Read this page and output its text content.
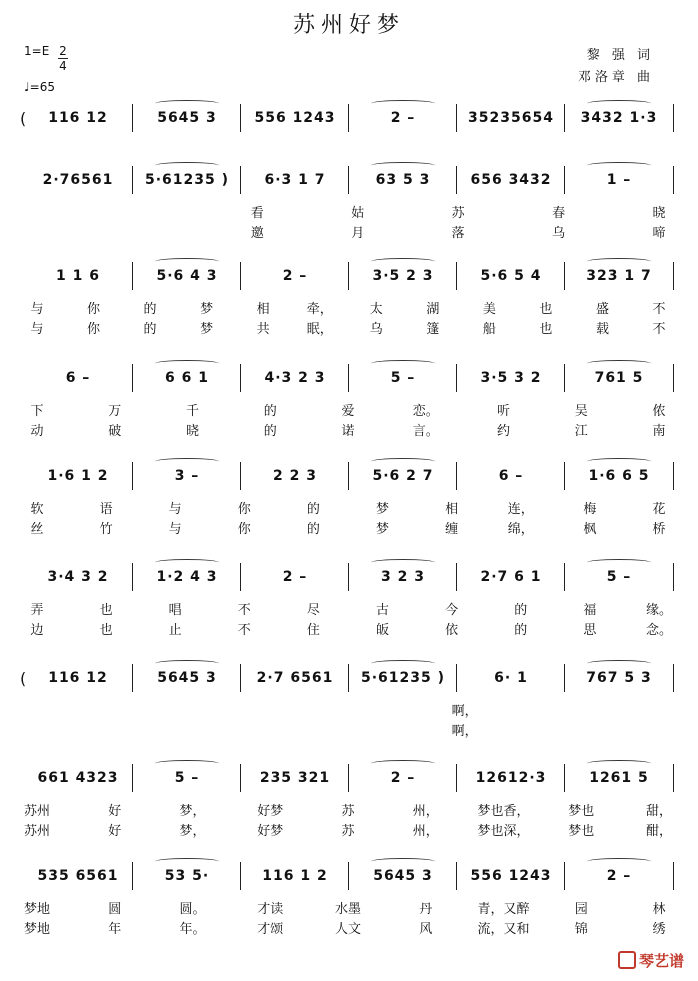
苏州好梦
1=E 2
4
♩=65
黎 强 词
邓洛章 曲
(	116 12	5645 3	556 1243	2 –	35235654	3432 1·3
2·76561	5·61235 )	6·3 1 7	63 5 3	656 3432	1 –
1 1 6	5·6 4 3	2 –	3·5 2 3	5·6 5 4	323 1 7
6 –	6 6 1	4·3 2 3	5 –	3·5 3 2	761 5
1·6 1 2	3 –	2 2 3	5·6 2 7	6 –	1·6 6 5
3·4 3 2	1·2 4 3	2 –	3 2 3	2·7 6 1	5 –
(	116 12	5645 3	2·7 6561	5·61235 )	6· 1	767 5 3
661 4323	5 –	235 321	2 –	12612·3	1261 5
535 6561	53 5·	116 1 2	5645 3	556 1243	2 –
看	姑	苏	春	晓
邀	月	落	乌	啼
与	你	的	梦	相	牵，	太	湖	美	也	盛	不
与	你	的	梦	共	眠，	乌	篷	船	也	载	不
下	万	千	的	爱	恋。	听	吴	侬
动	破	晓	的	诺	言。	约	江	南
软	语	与	你	的	梦	相	连，	梅	花
丝	竹	与	你	的	梦	缠	绵，	枫	桥
弄	也	唱	不	尽	古	今	的	福	缘。
边	也	止	不	住	皈	依	的	思	念。
啊，
啊，
苏州	好	梦，	好梦	苏	州，	梦也香，	梦也	甜，
苏州	好	梦，	好梦	苏	州，	梦也深，	梦也	酣，
梦地	圆	圆。	才读	水墨	丹	青，又醉	园	林
梦地	年	年。	才颂	人文	风	流，又和	锦	绣
琴艺谱
